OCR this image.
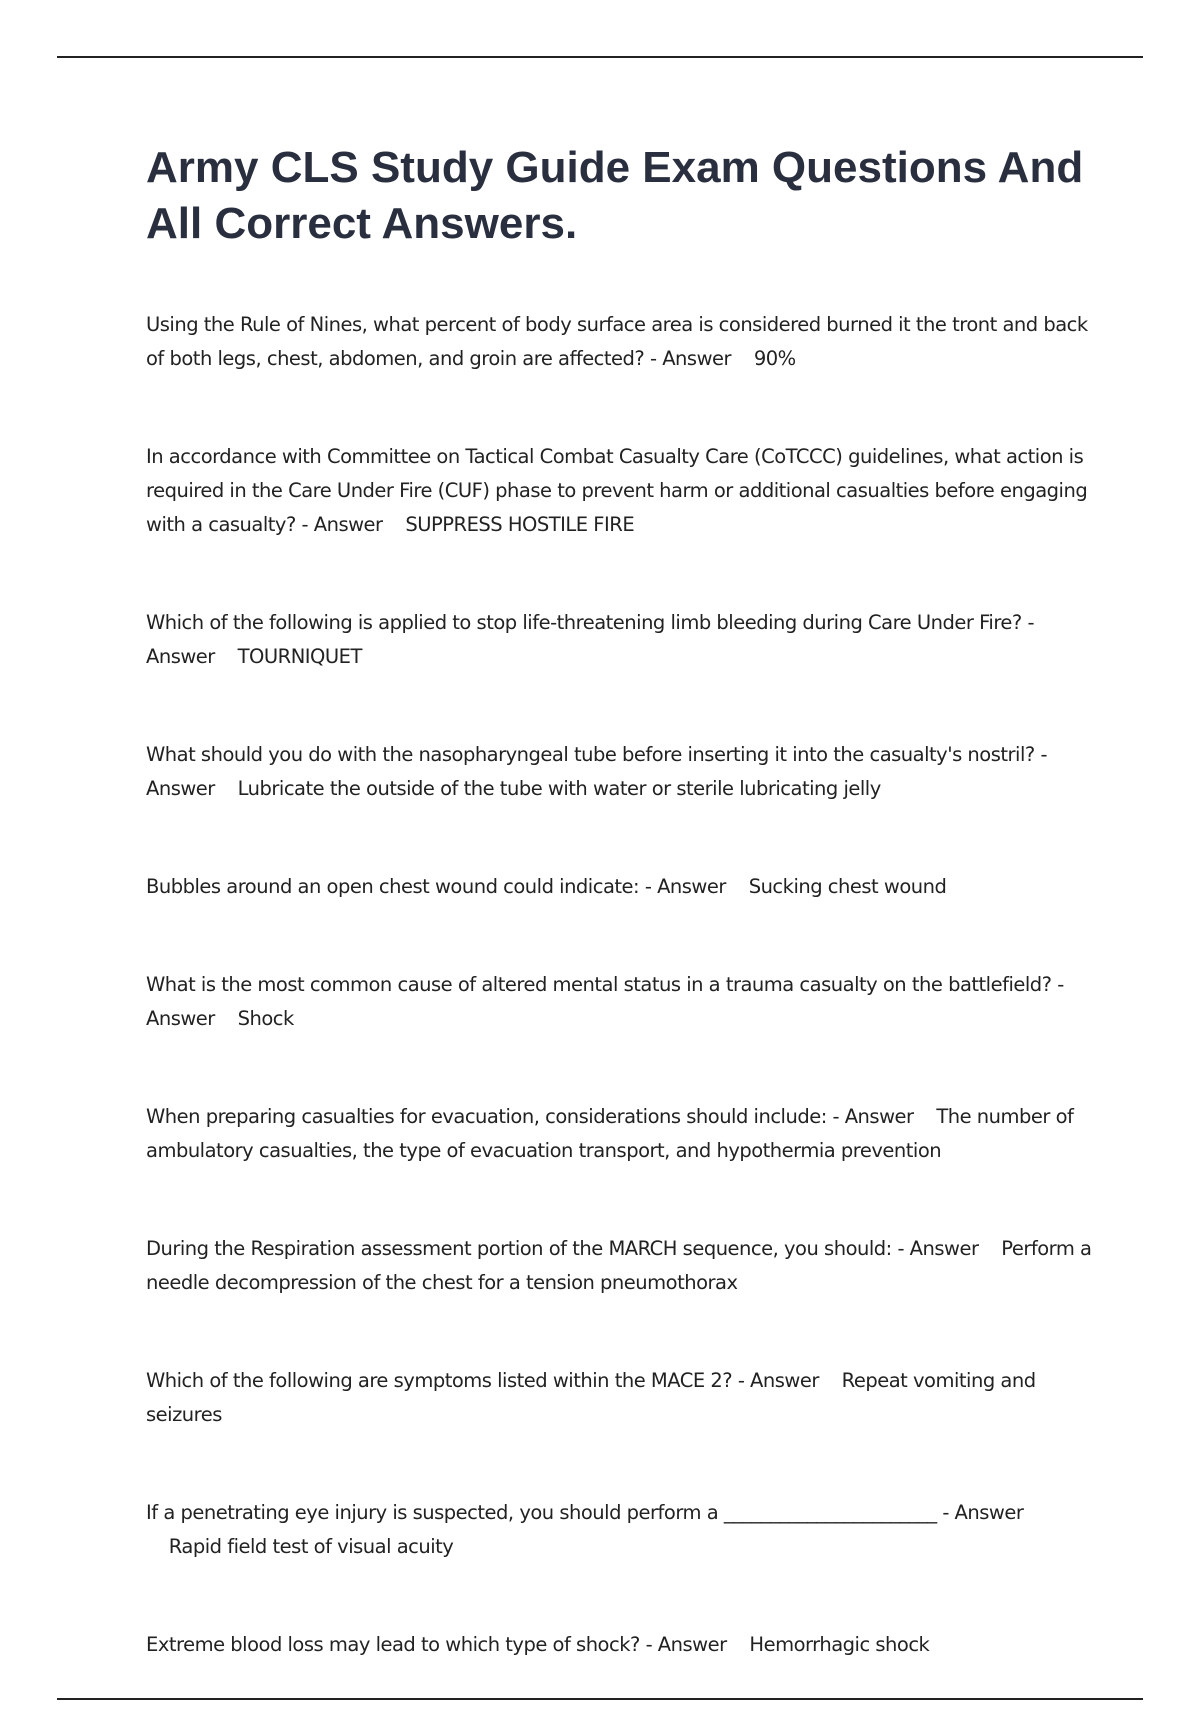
Army CLS Study Guide Exam Questions And All Correct Answers.

Using the Rule of Nines, what percent of body surface area is considered burned it the tront and back of both legs, chest, abdomen, and groin are affected? - Answer 90%

In accordance with Committee on Tactical Combat Casualty Care (CoTCCC) guidelines, what action is required in the Care Under Fire (CUF) phase to prevent harm or additional casualties before engaging with a casualty? - Answer SUPPRESS HOSTILE FIRE

Which of the following is applied to stop life-threatening limb bleeding during Care Under Fire? - Answer TOURNIQUET

What should you do with the nasopharyngeal tube before inserting it into the casualty's nostril? - Answer Lubricate the outside of the tube with water or sterile lubricating jelly

Bubbles around an open chest wound could indicate: - Answer Sucking chest wound

What is the most common cause of altered mental status in a trauma casualty on the battlefield? - Answer Shock

When preparing casualties for evacuation, considerations should include: - Answer The number of ambulatory casualties, the type of evacuation transport, and hypothermia prevention

During the Respiration assessment portion of the MARCH sequence, you should: - Answer Perform a needle decompression of the chest for a tension pneumothorax

Which of the following are symptoms listed within the MACE 2? - Answer Repeat vomiting and seizures

If a penetrating eye injury is suspected, you should perform a _______________________ - Answer    Rapid field test of visual acuity

Extreme blood loss may lead to which type of shock? - Answer Hemorrhagic shock
